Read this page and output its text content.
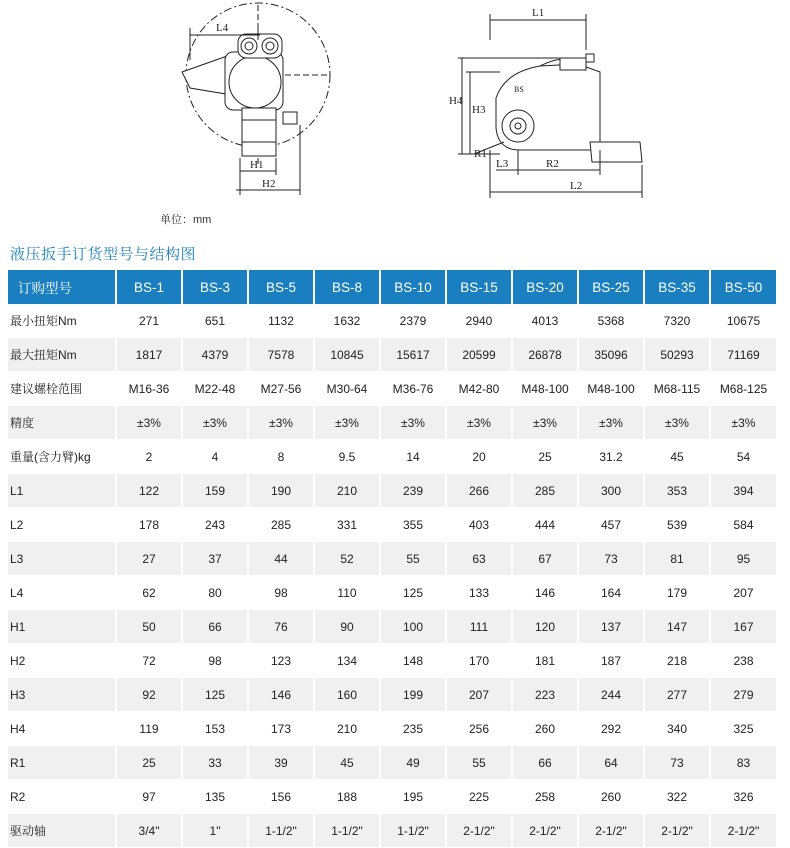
L4
H1
H2
L1
H4
H3
R1
L3	R2
L2
BS
单位：mm
液压扳手订货型号与结构图
订购型号	BS-1	BS-3	BS-5	BS-8	BS-10	BS-15	BS-20	BS-25	BS-35	BS-50
最小扭矩Nm	271	651	1132	1632	2379	2940	4013	5368	7320	10675
最大扭矩Nm	1817	4379	7578	10845	15617	20599	26878	35096	50293	71169
建议螺栓范围	M16-36	M22-48	M27-56	M30-64	M36-76	M42-80	M48-100	M48-100	M68-115	M68-125
精度	±3%	±3%	±3%	±3%	±3%	±3%	±3%	±3%	±3%	±3%
重量(含力臂)kg	2	4	8	9.5	14	20	25	31.2	45	54
L1	122	159	190	210	239	266	285	300	353	394
L2	178	243	285	331	355	403	444	457	539	584
L3	27	37	44	52	55	63	67	73	81	95
L4	62	80	98	110	125	133	146	164	179	207
H1	50	66	76	90	100	111	120	137	147	167
H2	72	98	123	134	148	170	181	187	218	238
H3	92	125	146	160	199	207	223	244	277	279
H4	119	153	173	210	235	256	260	292	340	325
R1	25	33	39	45	49	55	66	64	73	83
R2	97	135	156	188	195	225	258	260	322	326
驱动轴	3/4"	1"	1-1/2"	1-1/2"	1-1/2"	2-1/2"	2-1/2"	2-1/2"	2-1/2"	2-1/2"
